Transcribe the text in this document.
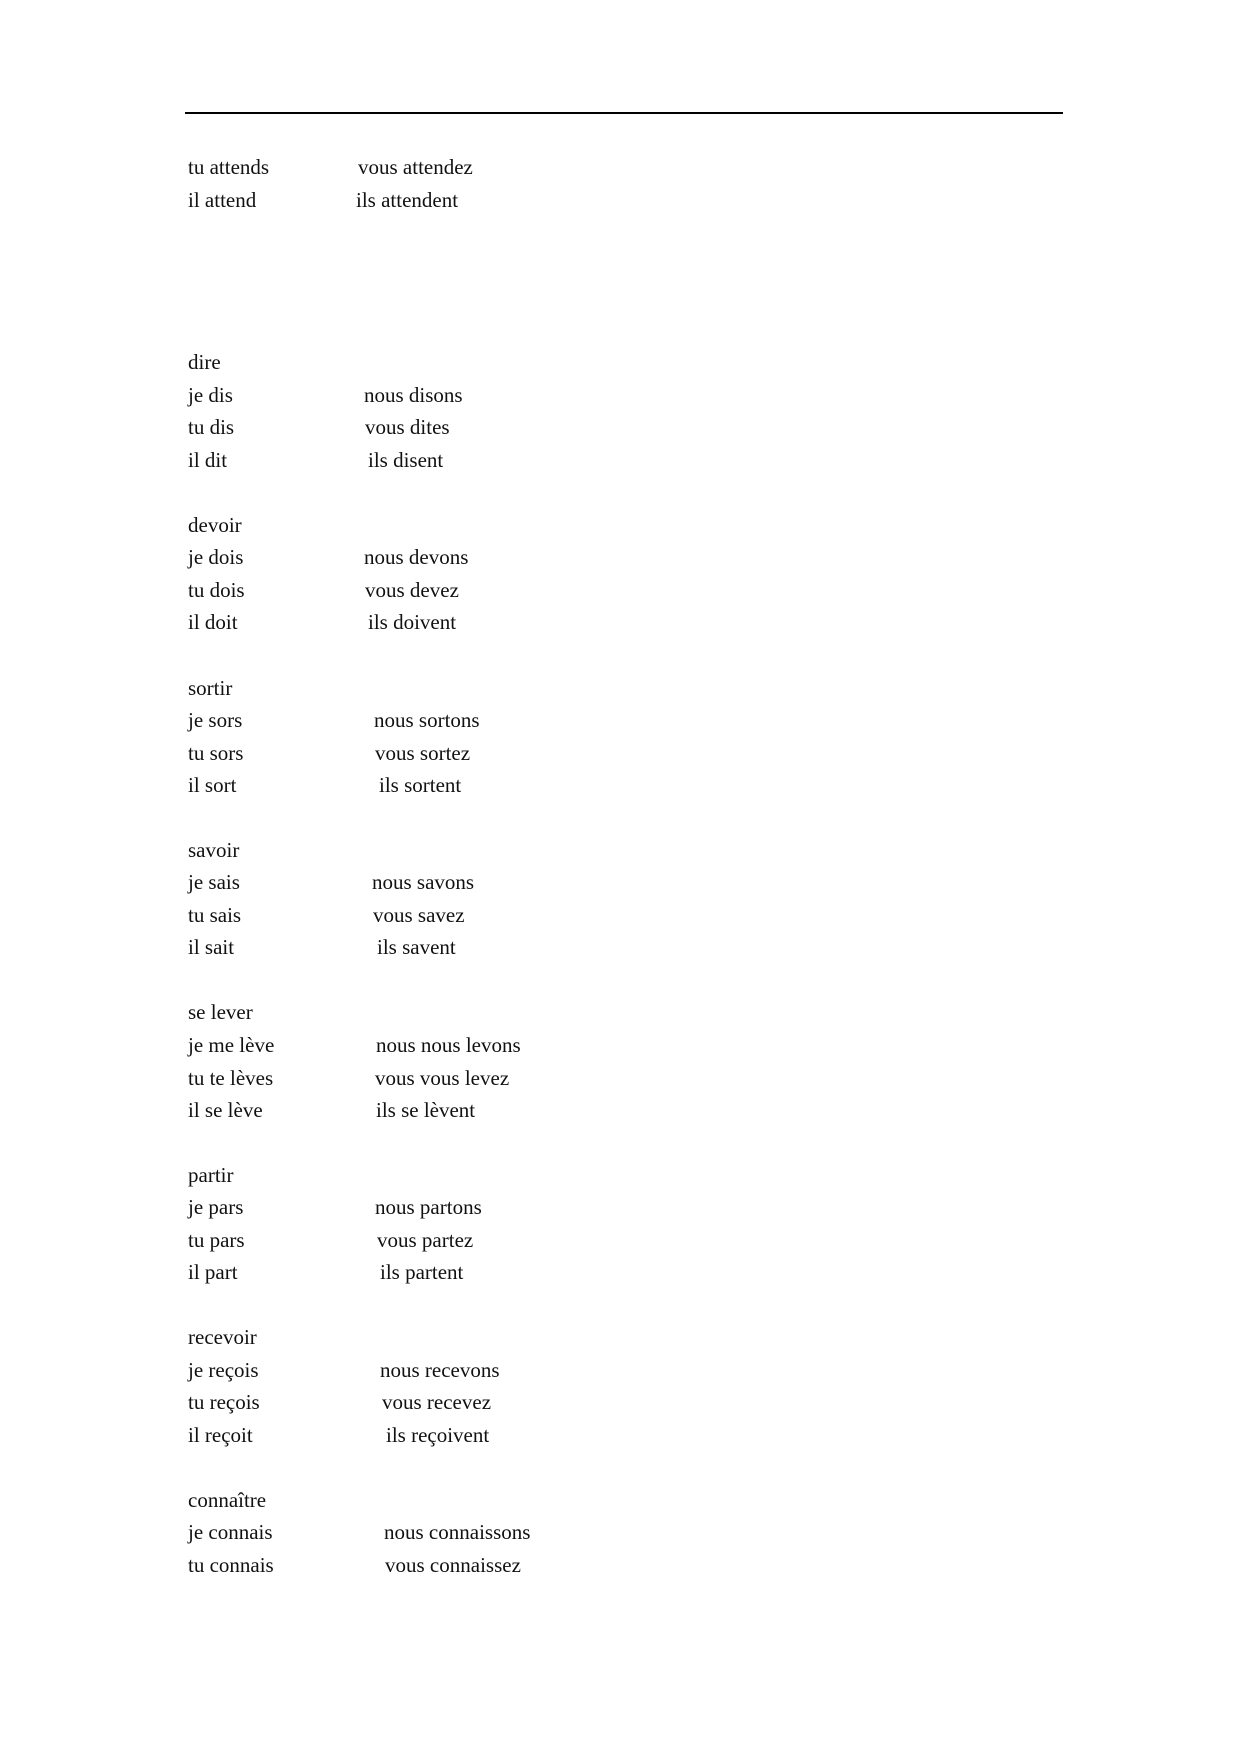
tu attends	vous attendez
il attend	ils attendent
dire
je dis	nous disons
tu dis	vous dites
il dit	ils disent
devoir
je dois	nous devons
tu dois	vous devez
il doit	ils doivent
sortir
je sors	nous sortons
tu sors	vous sortez
il sort	ils sortent
savoir
je sais	nous savons
tu sais	vous savez
il sait	ils savent
se lever
je me lève	nous nous levons
tu te lèves	vous vous levez
il se lève	ils se lèvent
partir
je pars	nous partons
tu pars	vous partez
il part	ils partent
recevoir
je reçois	nous recevons
tu reçois	vous recevez
il reçoit	ils reçoivent
connaître
je connais	nous connaissons
tu connais	vous connaissez
